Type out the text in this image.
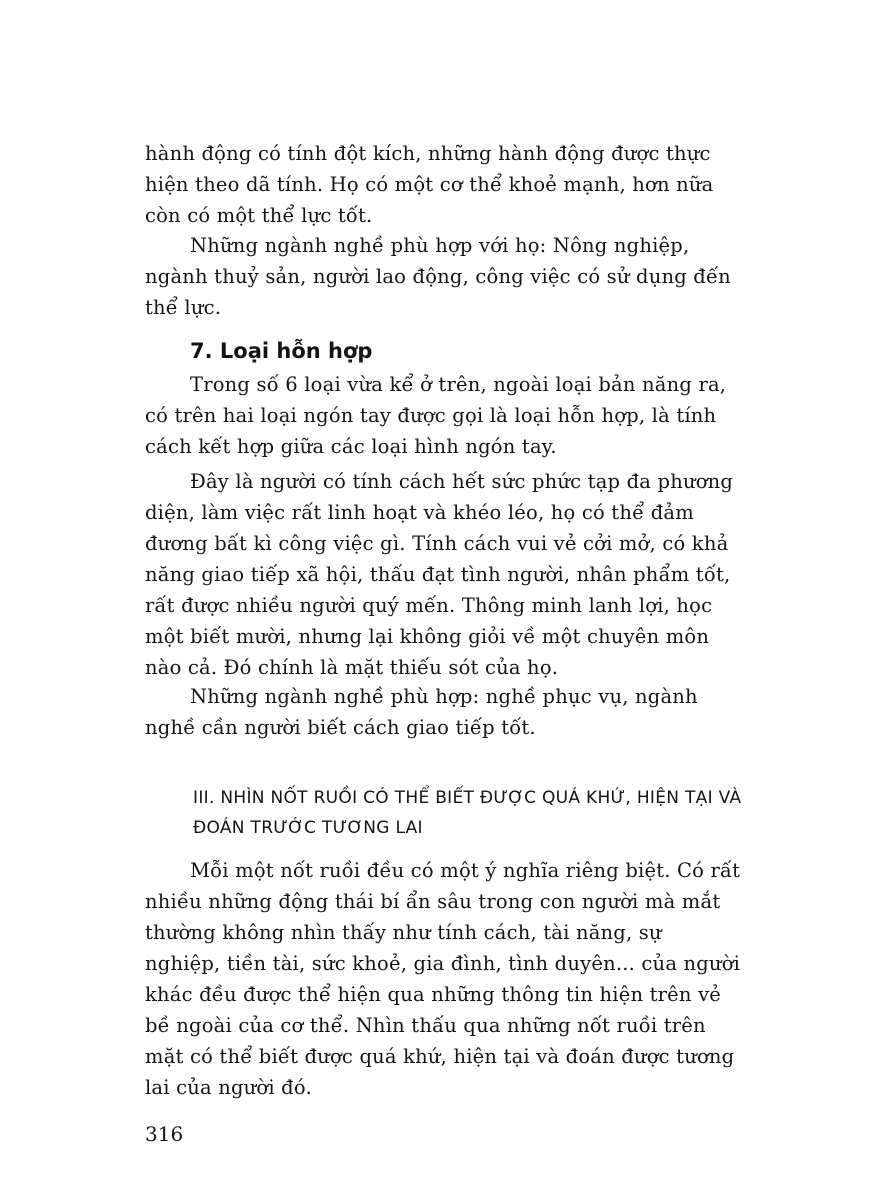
hành động có tính đột kích, những hành động được thực
hiện theo dã tính. Họ có một cơ thể khoẻ mạnh, hơn nữa
còn có một thể lực tốt.
Những ngành nghề phù hợp với họ: Nông nghiệp,
ngành thuỷ sản, người lao động, công việc có sử dụng đến
thể lực.
7. Loại hỗn hợp
Trong số 6 loại vừa kể ở trên, ngoài loại bản năng ra,
có trên hai loại ngón tay được gọi là loại hỗn hợp, là tính
cách kết hợp giữa các loại hình ngón tay.
Đây là người có tính cách hết sức phức tạp đa phương
diện, làm việc rất linh hoạt và khéo léo, họ có thể đảm
đương bất kì công việc gì. Tính cách vui vẻ cởi mở, có khả
năng giao tiếp xã hội, thấu đạt tình người, nhân phẩm tốt,
rất được nhiều người quý mến. Thông minh lanh lợi, học
một biết mười, nhưng lại không giỏi về một chuyên môn
nào cả. Đó chính là mặt thiếu sót của họ.
Những ngành nghề phù hợp: nghề phục vụ, ngành
nghề cần người biết cách giao tiếp tốt.
III. NHÌN NỐT RUỒI CÓ THỂ BIẾT ĐƯỢC QUÁ KHỨ, HIỆN TẠI VÀ
ĐOÁN TRƯỚC TƯƠNG LAI
Mỗi một nốt ruồi đều có một ý nghĩa riêng biệt. Có rất
nhiều những động thái bí ẩn sâu trong con người mà mắt
thường không nhìn thấy như tính cách, tài năng, sự
nghiệp, tiền tài, sức khoẻ, gia đình, tình duyên... của người
khác đều được thể hiện qua những thông tin hiện trên vẻ
bề ngoài của cơ thể. Nhìn thấu qua những nốt ruồi trên
mặt có thể biết được quá khứ, hiện tại và đoán được tương
lai của người đó.
316
